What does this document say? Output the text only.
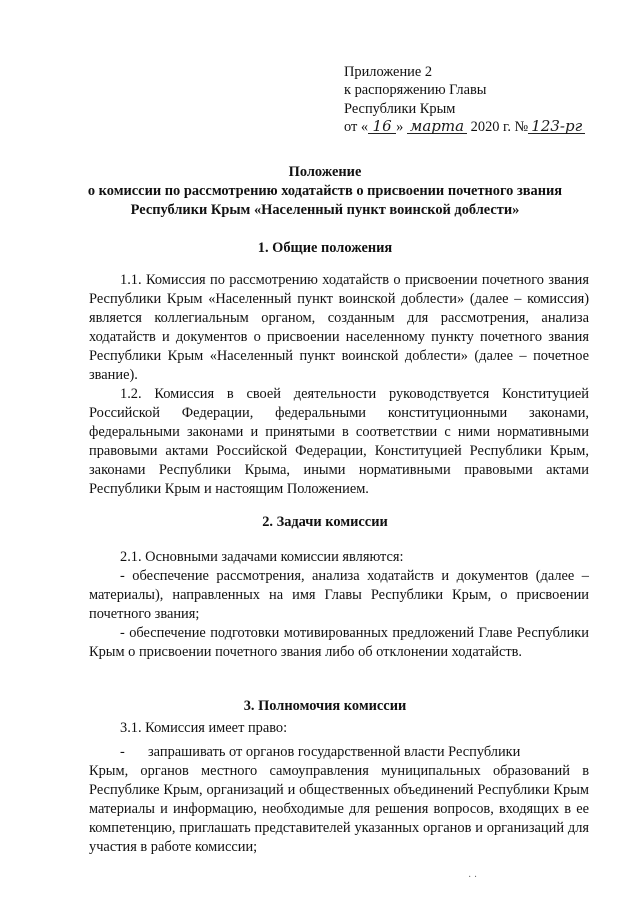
Приложение 2
к распоряжению Главы
Республики Крым
от « 16 » марта 2020 г. № 123-рг
Положение
о комиссии по рассмотрению ходатайств о присвоении почетного звания
Республики Крым «Населенный пункт воинской доблести»
1. Общие положения

1.1. Комиссия по рассмотрению ходатайств о присвоении почетного звания Республики Крым «Населенный пункт воинской доблести» (далее – комиссия) является коллегиальным органом, созданным для рассмотрения, анализа ходатайств и документов о присвоении населенному пункту почетного звания Республики Крым «Населенный пункт воинской доблести» (далее – почетное звание).

1.2. Комиссия в своей деятельности руководствуется Конституцией Российской Федерации, федеральными конституционными законами, федеральными законами и принятыми в соответствии с ними нормативными правовыми актами Российской Федерации, Конституцией Республики Крым, законами Республики Крыма, иными нормативными правовыми актами Республики Крым и настоящим Положением.

2. Задачи комиссии

2.1. Основными задачами комиссии являются:

- обеспечение рассмотрения, анализа ходатайств и документов (далее – материалы), направленных на имя Главы Республики Крым, о присвоении почетного звания;

- обеспечение подготовки мотивированных предложений Главе Республики Крым о присвоении почетного звания либо об отклонении ходатайств.

3. Полномочия комиссии

3.1. Комиссия имеет право:

-	запрашивать от органов государственной власти Республики

Крым, органов местного самоуправления муниципальных образований в Республике Крым, организаций и общественных объединений Республики Крым материалы и информацию, необходимые для решения вопросов, входящих в ее компетенцию, приглашать представителей указанных органов и организаций для участия в работе комиссии;

· ·
